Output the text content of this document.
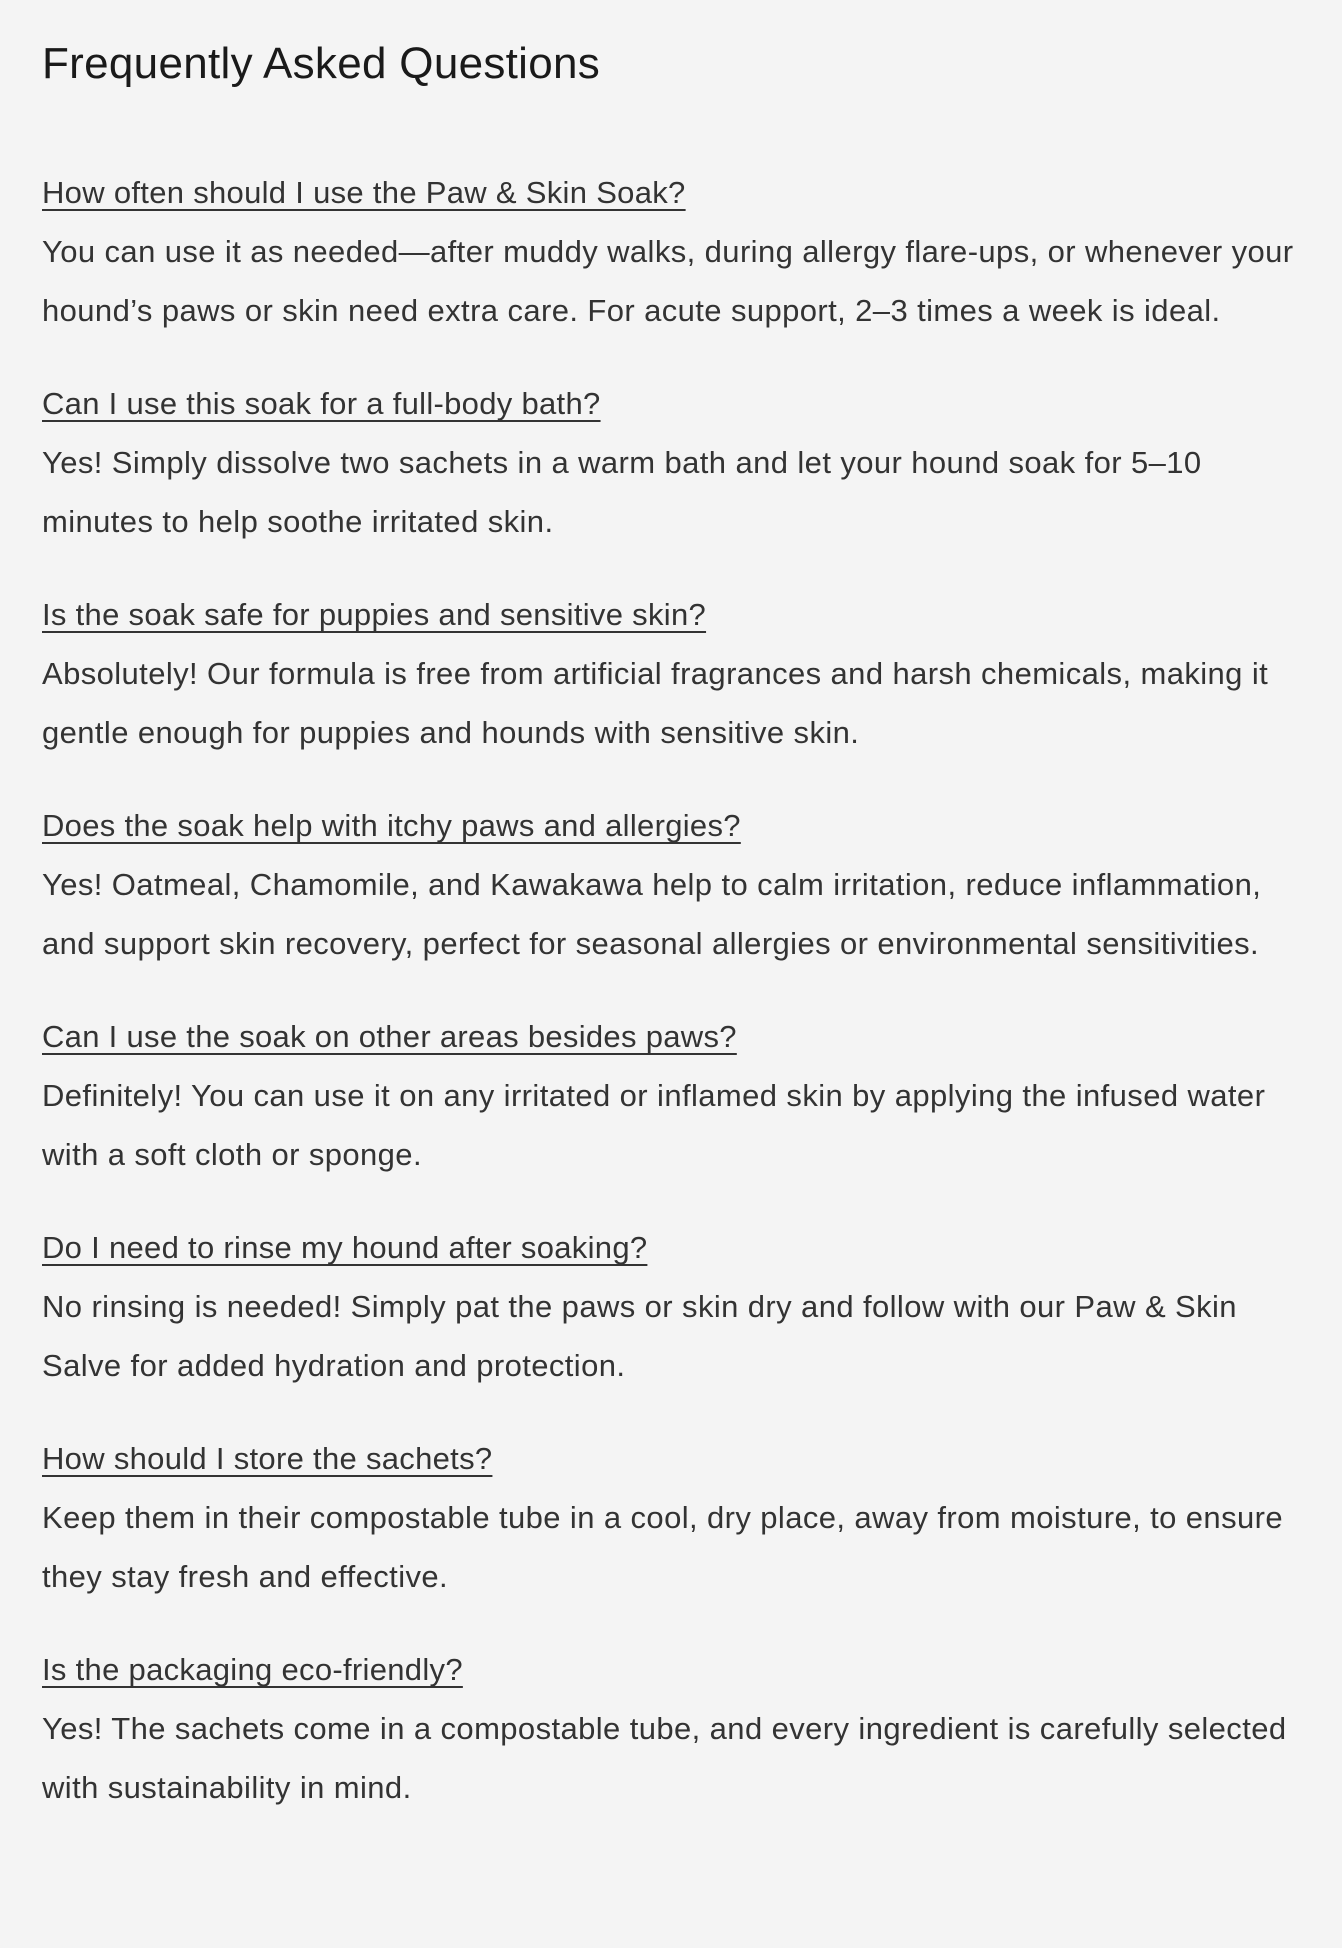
Frequently Asked Questions
How often should I use the Paw & Skin Soak?

You can use it as needed—after muddy walks, during allergy flare-ups, or whenever your hound’s paws or skin need extra care. For acute support, 2–3 times a week is ideal.

Can I use this soak for a full-body bath?

Yes! Simply dissolve two sachets in a warm bath and let your hound soak for 5–10 minutes to help soothe irritated skin.

Is the soak safe for puppies and sensitive skin?

Absolutely! Our formula is free from artificial fragrances and harsh chemicals, making it gentle enough for puppies and hounds with sensitive skin.

Does the soak help with itchy paws and allergies?

Yes! Oatmeal, Chamomile, and Kawakawa help to calm irritation, reduce inflammation, and support skin recovery, perfect for seasonal allergies or environmental sensitivities.

Can I use the soak on other areas besides paws?

Definitely! You can use it on any irritated or inflamed skin by applying the infused water with a soft cloth or sponge.

Do I need to rinse my hound after soaking?

No rinsing is needed! Simply pat the paws or skin dry and follow with our Paw & Skin Salve for added hydration and protection.

How should I store the sachets?

Keep them in their compostable tube in a cool, dry place, away from moisture, to ensure they stay fresh and effective.

Is the packaging eco-friendly?

Yes! The sachets come in a compostable tube, and every ingredient is carefully selected with sustainability in mind.
